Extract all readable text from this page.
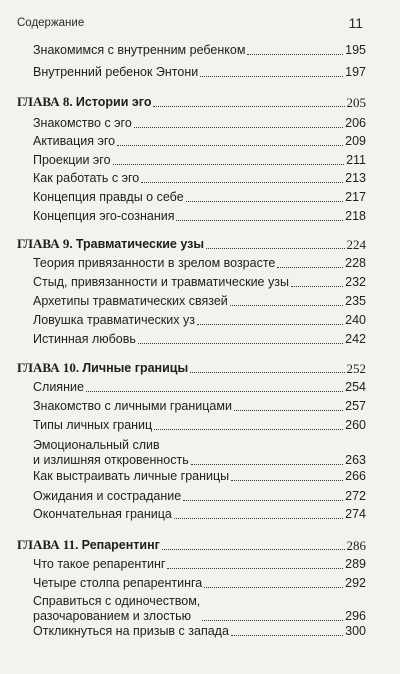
Содержание	11
Знакомимся с внутренним ребенком	195
Внутренний ребенок Энтони	197
ГЛАВА 8. Истории эго	205
Знакомство с эго	206
Активация эго	209
Проекции эго	211
Как работать с эго	213
Концепция правды о себе	217
Концепция эго-сознания	218
ГЛАВА 9. Травматические узы	224
Теория привязанности в зрелом возрасте	228
Стыд, привязанности и травматические узы	232
Архетипы травматических связей	235
Ловушка травматических уз	240
Истинная любовь	242
ГЛАВА 10. Личные границы	252
Слияние	254
Знакомство с личными границами	257
Типы личных границ	260
Эмоциональный слив
и излишняя откровенность	263
Как выстраивать личные границы	266
Ожидания и сострадание	272
Окончательная граница	274
ГЛАВА 11. Репарентинг	286
Что такое репарентинг	289
Четыре столпа репарентинга	292
Справиться с одиночеством,
разочарованием и злостью	296
Откликнуться на призыв с запада	300
